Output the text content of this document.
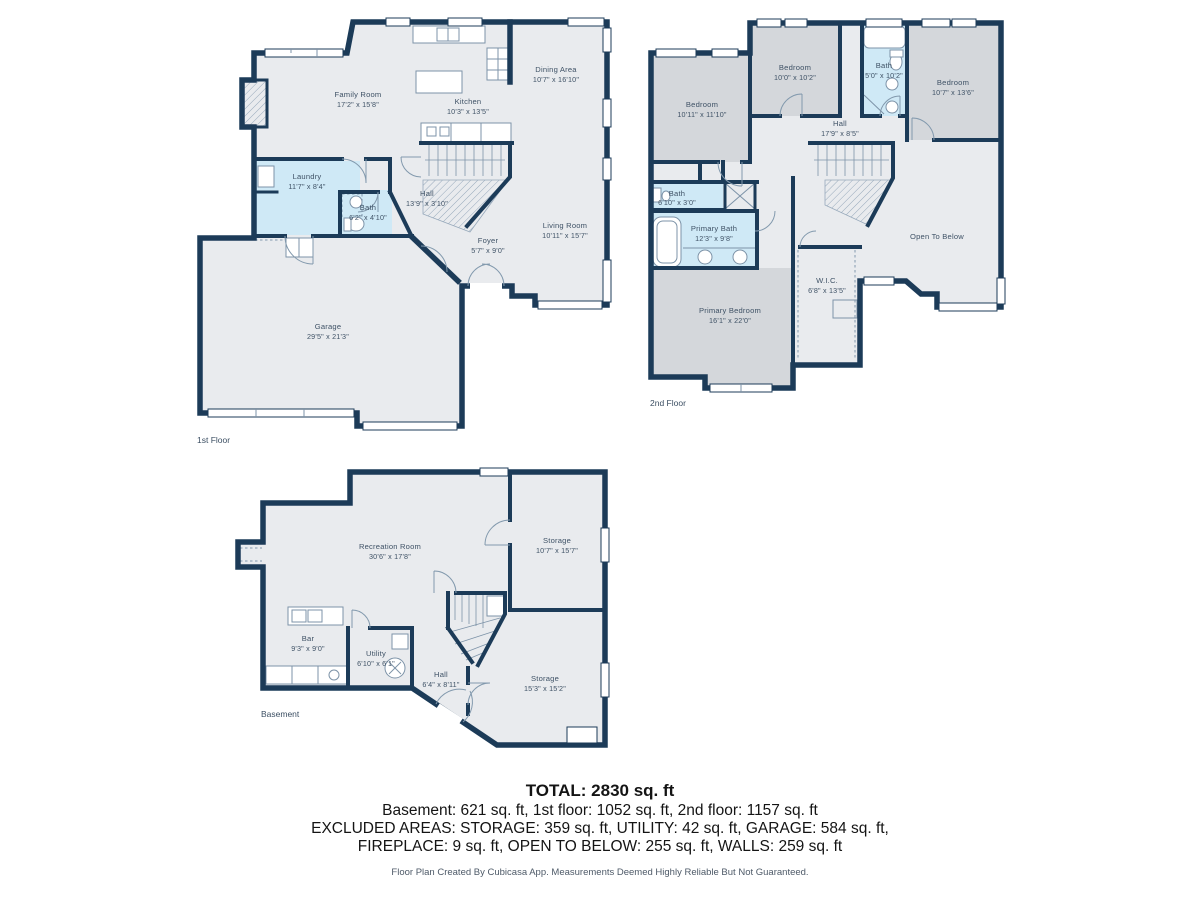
Family Room
17'2" x 15'8"	Kitchen
10'3" x 13'5"
Dining Area
10'7" x 16'10"
Laundry
11'7" x 8'4"
Bath
6'2" x 4'10"
Hall
13'9" x 3'10"
Foyer
5'7" x 9'0"
Living Room
10'11" x 15'7"
Garage
29'5" x 21'3"
1st Floor
Bedroom
10'11" x 11'10"
Bedroom
10'0" x 10'2"
Bath
5'0" x 10'2"
Bedroom
10'7" x 13'6"
Hall
17'9" x 8'5"
Bath
6'10" x 3'0"
Primary Bath
12'3" x 9'8"
Primary Bedroom
16'1" x 22'0"
W.I.C.
6'8" x 13'5"
Open To Below
2nd Floor
Recreation Room
30'6" x 17'8"
Storage
10'7" x 15'7"
Bar
9'3" x 9'0"
Utility
6'10" x 6'1"
Hall
6'4" x 8'11"
Storage
15'3" x 15'2"
Basement

TOTAL: 2830 sq. ft

Basement: 621 sq. ft, 1st floor: 1052 sq. ft, 2nd floor: 1157 sq. ft

EXCLUDED AREAS: STORAGE: 359 sq. ft, UTILITY: 42 sq. ft, GARAGE: 584 sq. ft,

FIREPLACE: 9 sq. ft, OPEN TO BELOW: 255 sq. ft, WALLS: 259 sq. ft

Floor Plan Created By Cubicasa App. Measurements Deemed Highly Reliable But Not Guaranteed.
